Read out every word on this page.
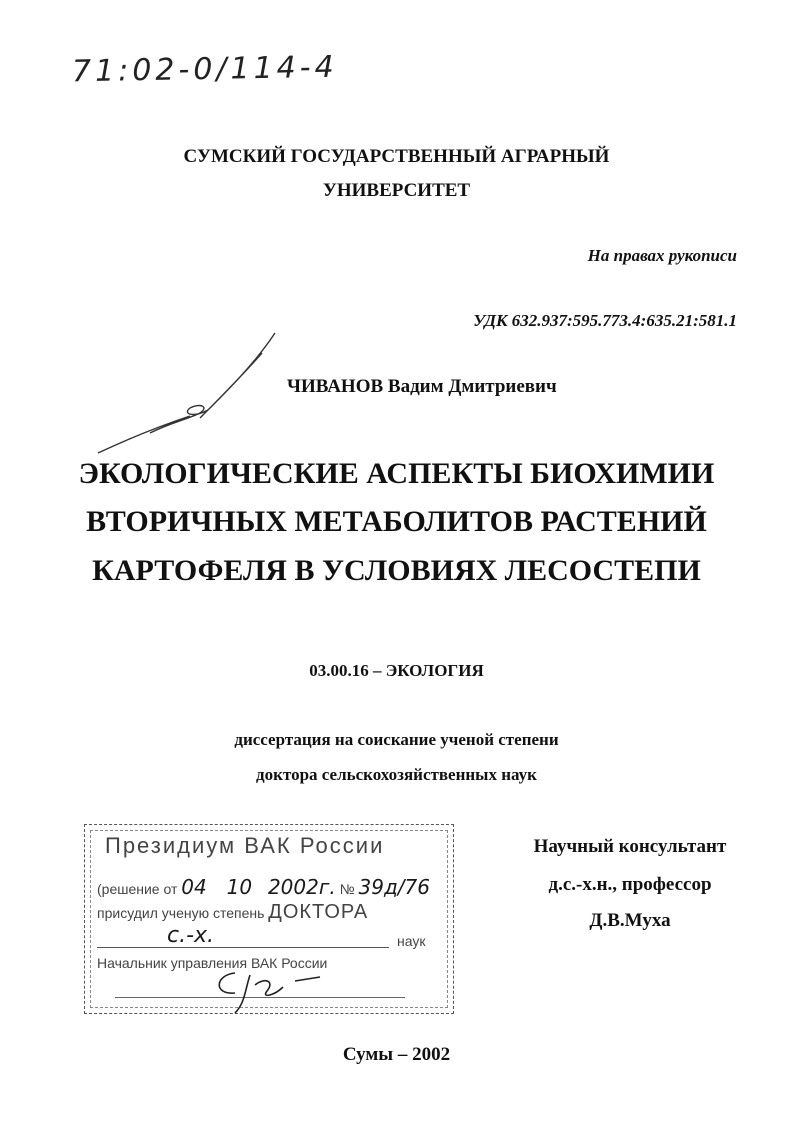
71:02-0/114-4
СУМСКИЙ ГОСУДАРСТВЕННЫЙ АГРАРНЫЙ
УНИВЕРСИТЕТ
На правах рукописи
УДК 632.937:595.773.4:635.21:581.1
ЧИВАНОВ Вадим Дмитриевич
ЭКОЛОГИЧЕСКИЕ АСПЕКТЫ БИОХИМИИ
ВТОРИЧНЫХ МЕТАБОЛИТОВ РАСТЕНИЙ
КАРТОФЕЛЯ В УСЛОВИЯХ ЛЕСОСТЕПИ
03.00.16 – ЭКОЛОГИЯ
диссертация на соискание ученой степени
доктора сельскохозяйственных наук
Президиум ВАК России
(решение от 04 10 2002г. № 39д/76
присудил ученую степень ДОКТОРА
с.-х.	наук
Начальник управления ВАК России
Научный консультант
д.с.-х.н., профессор
Д.В.Муха
Сумы – 2002
